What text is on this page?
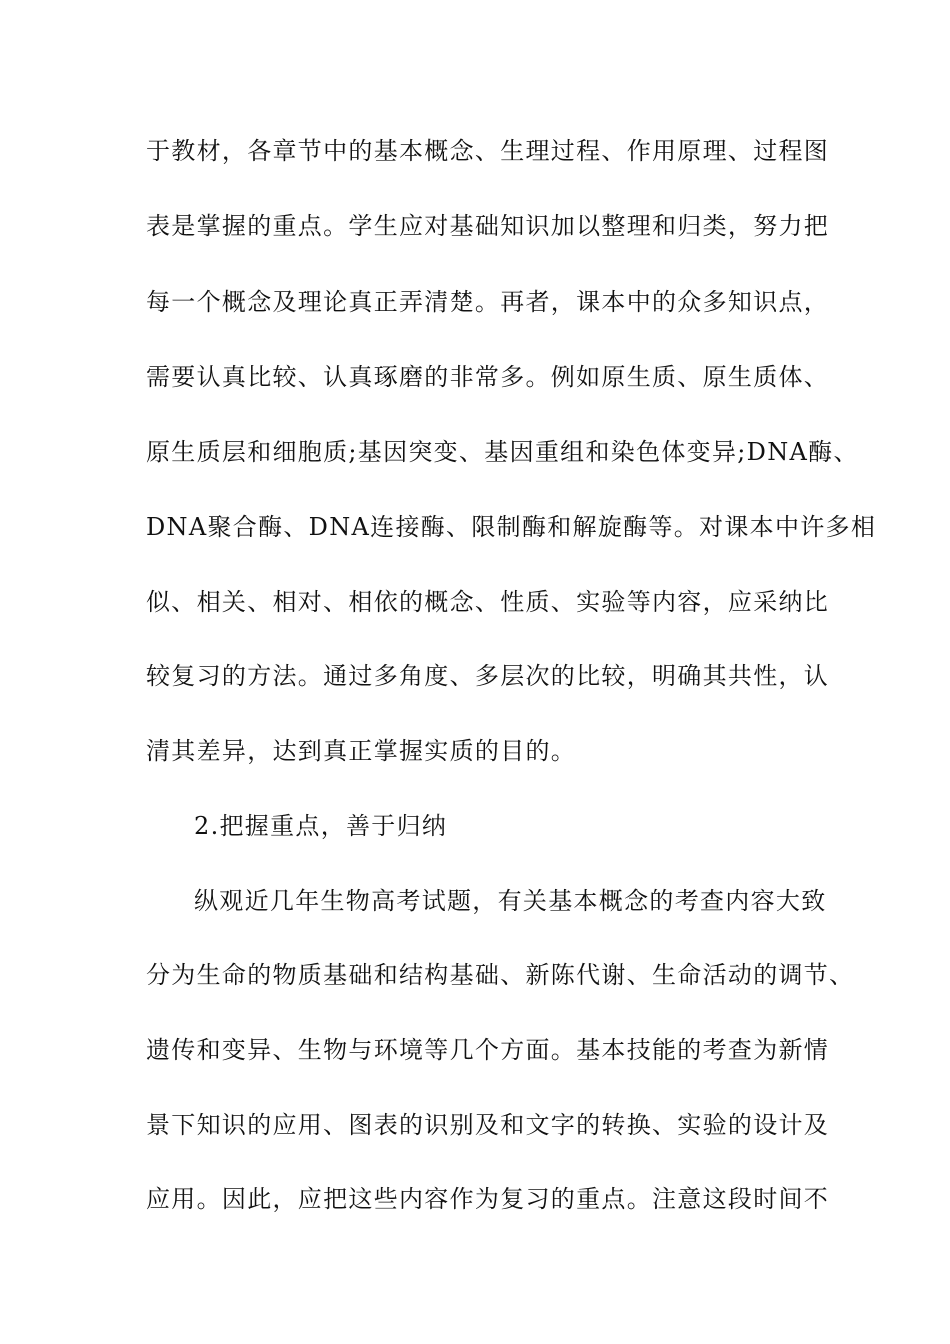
于教材，各章节中的基本概念、生理过程、作用原理、过程图
表是掌握的重点。学生应对基础知识加以整理和归类，努力把
每一个概念及理论真正弄清楚。再者，课本中的众多知识点，
需要认真比较、认真琢磨的非常多。例如原生质、原生质体、
原生质层和细胞质;基因突变、基因重组和染色体变异;DNA酶、
DNA聚合酶、DNA连接酶、限制酶和解旋酶等。对课本中许多相
似、相关、相对、相依的概念、性质、实验等内容，应采纳比
较复习的方法。通过多角度、多层次的比较，明确其共性，认
清其差异，达到真正掌握实质的目的。
2.把握重点，善于归纳
纵观近几年生物高考试题，有关基本概念的考查内容大致
分为生命的物质基础和结构基础、新陈代谢、生命活动的调节、
遗传和变异、生物与环境等几个方面。基本技能的考查为新情
景下知识的应用、图表的识别及和文字的转换、实验的设计及
应用。因此，应把这些内容作为复习的重点。注意这段时间不
